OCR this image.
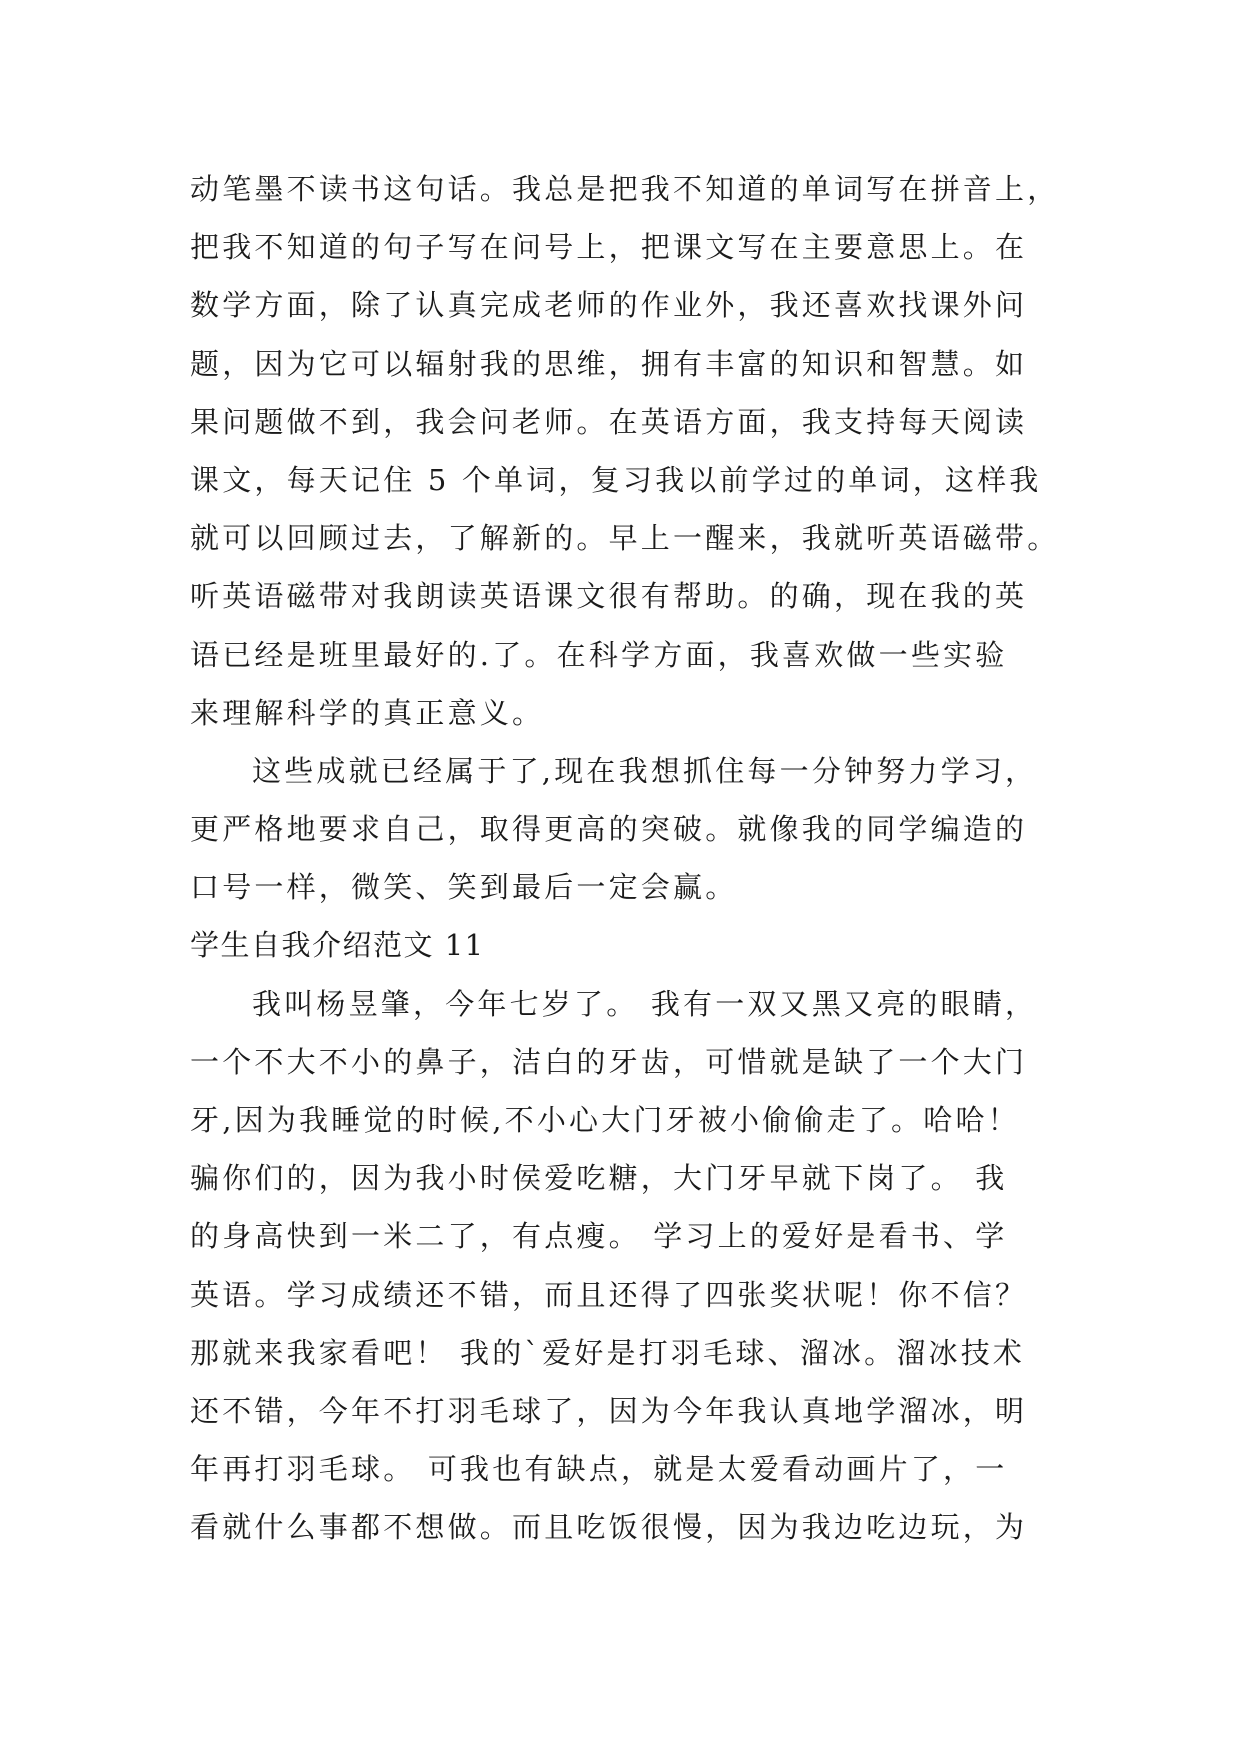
动笔墨不读书这句话。我总是把我不知道的单词写在拼音上，
把我不知道的句子写在问号上，把课文写在主要意思上。在
数学方面，除了认真完成老师的作业外，我还喜欢找课外问
题，因为它可以辐射我的思维，拥有丰富的知识和智慧。如
果问题做不到，我会问老师。在英语方面，我支持每天阅读
课文，每天记住 5 个单词，复习我以前学过的单词，这样我
就可以回顾过去，了解新的。早上一醒来，我就听英语磁带。
听英语磁带对我朗读英语课文很有帮助。的确，现在我的英
语已经是班里最好的.了。在科学方面，我喜欢做一些实验
来理解科学的真正意义。
这些成就已经属于了,现在我想抓住每一分钟努力学习，
更严格地要求自己，取得更高的突破。就像我的同学编造的
口号一样，微笑、笑到最后一定会赢。
学生自我介绍范文 11
我叫杨昱肇，今年七岁了。 我有一双又黑又亮的眼睛，
一个不大不小的鼻子，洁白的牙齿，可惜就是缺了一个大门
牙,因为我睡觉的时候,不小心大门牙被小偷偷走了。哈哈！
骗你们的，因为我小时侯爱吃糖，大门牙早就下岗了。 我
的身高快到一米二了，有点瘦。 学习上的爱好是看书、学
英语。学习成绩还不错，而且还得了四张奖状呢！你不信？
那就来我家看吧！ 我的`爱好是打羽毛球、溜冰。溜冰技术
还不错，今年不打羽毛球了，因为今年我认真地学溜冰，明
年再打羽毛球。 可我也有缺点，就是太爱看动画片了，一
看就什么事都不想做。而且吃饭很慢，因为我边吃边玩，为
